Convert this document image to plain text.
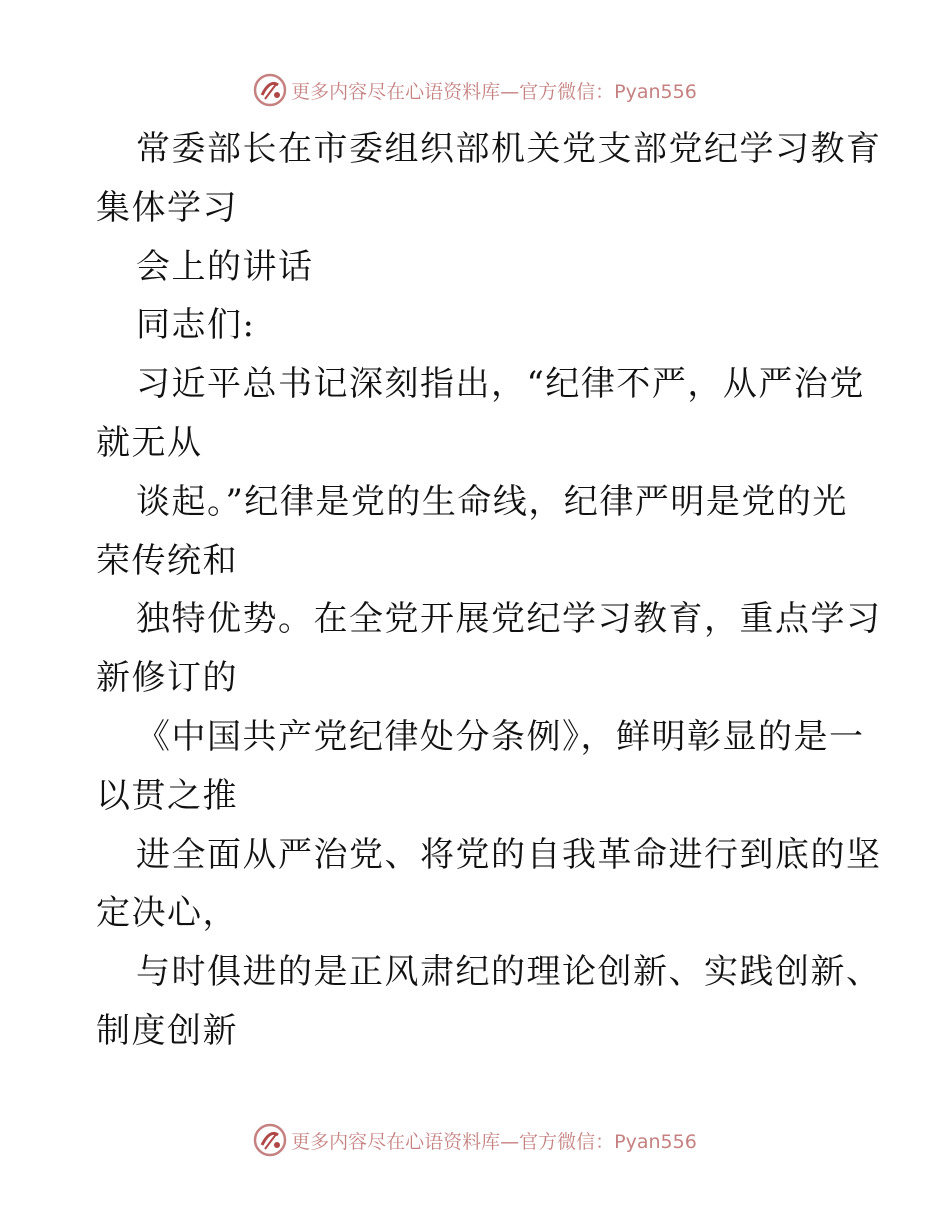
更多内容尽在心语资料库—官方微信：Pyan556
常委部长在市委组织部机关党支部党纪学习教育
集体学习
会上的讲话
同志们:
习近平总书记深刻指出，“纪律不严，从严治党
就无从
谈起。”纪律是党的生命线，纪律严明是党的光
荣传统和
独特优势。在全党开展党纪学习教育，重点学习
新修订的
《中国共产党纪律处分条例》，鲜明彰显的是一
以贯之推
进全面从严治党、将党的自我革命进行到底的坚
定决心，
与时俱进的是正风肃纪的理论创新、实践创新、
制度创新
更多内容尽在心语资料库—官方微信：Pyan556
